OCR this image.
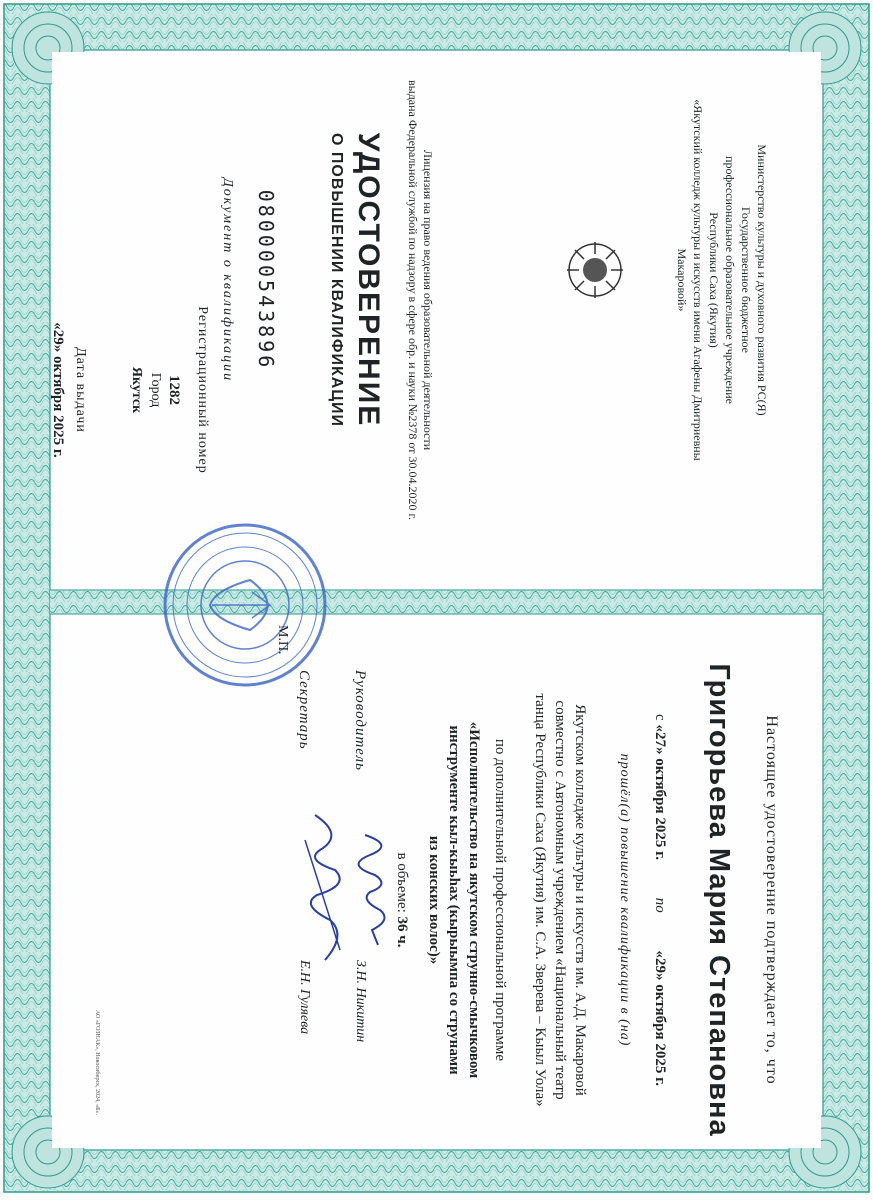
Министерство культуры и духовного развития РС(Я)
Государственное бюджетное
профессиональное образовательное учреждение
Республики Саха (Якутия)
«Якутский колледж культуры и искусств имени Агафены Дмитриевны Макаровой»
Лицензия на право ведения образовательной деятельности
выдана Федеральной службой по надзору в сфере обр. и науки №2378 от 30.04.2020 г.
УДОСТОВЕРЕНИЕ
О ПОВЫШЕНИИ КВАЛИФИКАЦИИ
080000543896
Документ о квалификации
Регистрационный номер
1282
Город
Якутск
Дата выдачи
«29» октября 2025 г.
Настоящее удостоверение подтверждает то, что
Григорьева Мария Степановна
с «27» октября 2025 г. по «29» октября 2025 г.
прошёл(а) повышение квалификации в (на)
Якутском колледже культуры и искусств им. А.Д. Макаровой
совместно с Автономным учреждением «Национальный театр
танца Республики Саха (Якутия) им. С.А. Зверева – Кыыл Уола»
по дополнительной профессиональной программе
«Исполнительство на якутском струнно-смычковом
инструменте кыл-кыьһах (кырыымпа со струнами
из конских волос)»
в объеме: 36 ч.
Руководитель
З.Н. Никитин
Секретарь
Е.Н. Гуляева
М.П.
АО «ГОЗНАК», Новосибирск, 2024, «Б».
